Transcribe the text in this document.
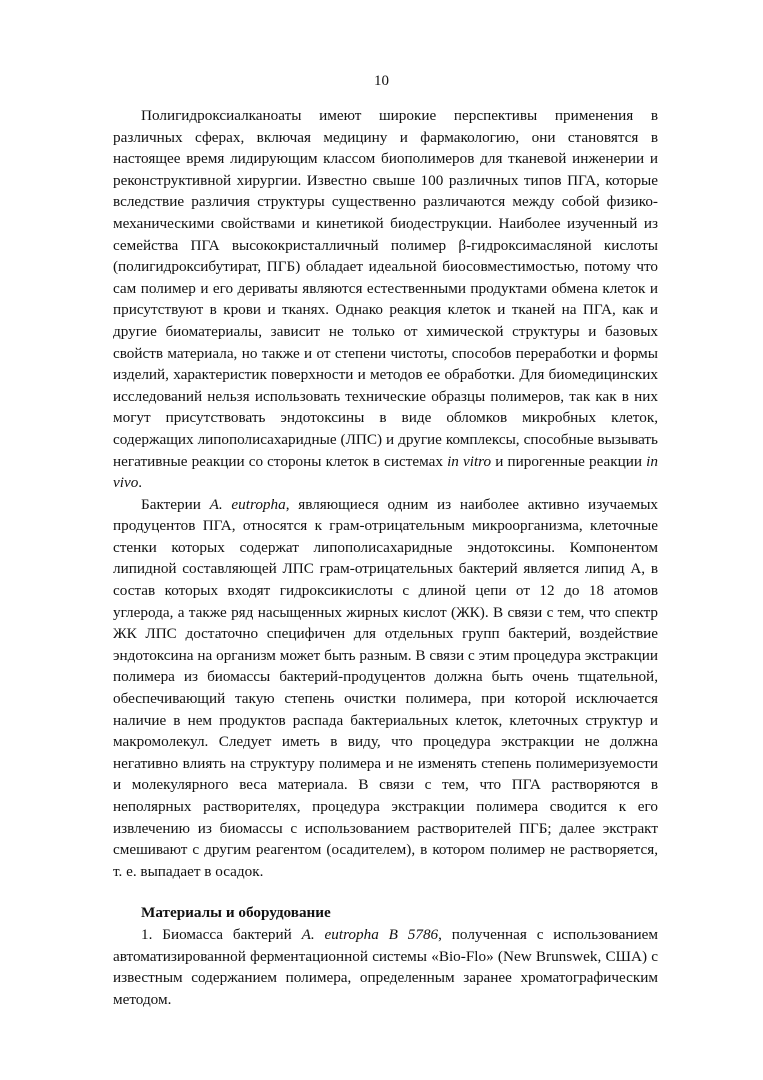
10

Полигидроксиалканоаты имеют широкие перспективы применения в различных сферах, включая медицину и фармакологию, они становятся в настоящее время лидирующим классом биополимеров для тканевой инженерии и реконструктивной хирургии. Известно свыше 100 различных типов ПГА, которые вследствие различия структуры существенно различаются между собой физико-механическими свойствами и кинетикой биодеструкции. Наиболее изученный из семейства ПГА высококристалличный полимер β-гидроксимасляной кислоты (полигидроксибутират, ПГБ) обладает идеальной биосовместимостью, потому что сам полимер и его дериваты являются естественными продуктами обмена клеток и присутствуют в крови и тканях. Однако реакция клеток и тканей на ПГА, как и другие биоматериалы, зависит не только от химической структуры и базовых свойств материала, но также и от степени чистоты, способов переработки и формы изделий, характеристик поверхности и методов ее обработки. Для биомедицинских исследований нельзя использовать технические образцы полимеров, так как в них могут присутствовать эндотоксины в виде обломков микробных клеток, содержащих липополисахаридные (ЛПС) и другие комплексы, способные вызывать негативные реакции со стороны клеток в системах in vitro и пирогенные реакции in vivo.

Бактерии A. eutropha, являющиеся одним из наиболее активно изучаемых продуцентов ПГА, относятся к грам-отрицательным микроорганизма, клеточные стенки которых содержат липополисахаридные эндотоксины. Компонентом липидной составляющей ЛПС грам-отрицательных бактерий является липид А, в состав которых входят гидроксикислоты с длиной цепи от 12 до 18 атомов углерода, а также ряд насыщенных жирных кислот (ЖК). В связи с тем, что спектр ЖК ЛПС достаточно специфичен для отдельных групп бактерий, воздействие эндотоксина на организм может быть разным. В связи с этим процедура экстракции полимера из биомассы бактерий-продуцентов должна быть очень тщательной, обеспечивающий такую степень очистки полимера, при которой исключается наличие в нем продуктов распада бактериальных клеток, клеточных структур и макромолекул. Следует иметь в виду, что процедура экстракции не должна негативно влиять на структуру полимера и не изменять степень полимеризуемости и молекулярного веса материала. В связи с тем, что ПГА растворяются в неполярных растворителях, процедура экстракции полимера сводится к его извлечению из биомассы с использованием растворителей ПГБ; далее экстракт смешивают с другим реагентом (осадителем), в котором полимер не растворяется, т. е. выпадает в осадок.

Материалы и оборудование

1. Биомасса бактерий A. eutropha B 5786, полученная с использованием автоматизированной ферментационной системы «Bio-Flo» (New Brunswek, США) с известным содержанием полимера, определенным заранее хроматографическим методом.
